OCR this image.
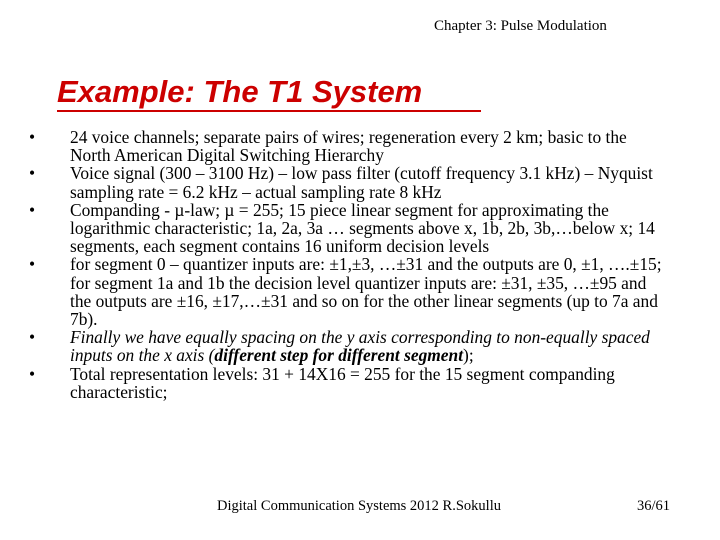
Chapter 3: Pulse Modulation
Example: The T1 System
• 24 voice channels; separate pairs of wires; regeneration every 2 km; basic to the North American Digital Switching Hierarchy
• Voice signal (300 – 3100 Hz) – low pass filter (cutoff frequency 3.1 kHz) – Nyquist sampling rate = 6.2 kHz – actual sampling rate 8 kHz
• Companding - µ-law; µ = 255; 15 piece linear segment for approximating the logarithmic characteristic; 1a, 2a, 3a … segments above x, 1b, 2b, 3b,…below x; 14 segments, each segment contains 16 uniform decision levels
• for segment 0 – quantizer inputs are: ±1,±3, …±31 and the outputs are 0, ±1, ….±15; for segment 1a and 1b the decision level quantizer inputs are: ±31, ±35, …±95 and the outputs are ±16, ±17,…±31 and so on for the other linear segments (up to 7a and 7b).
• Finally we have equally spacing on the y axis corresponding to non-equally spaced inputs on the x axis (different step for different segment);
• Total representation levels: 31 + 14X16 = 255 for the 15 segment companding characteristic;
Digital Communication Systems 2012 R.Sokullu	36/61
